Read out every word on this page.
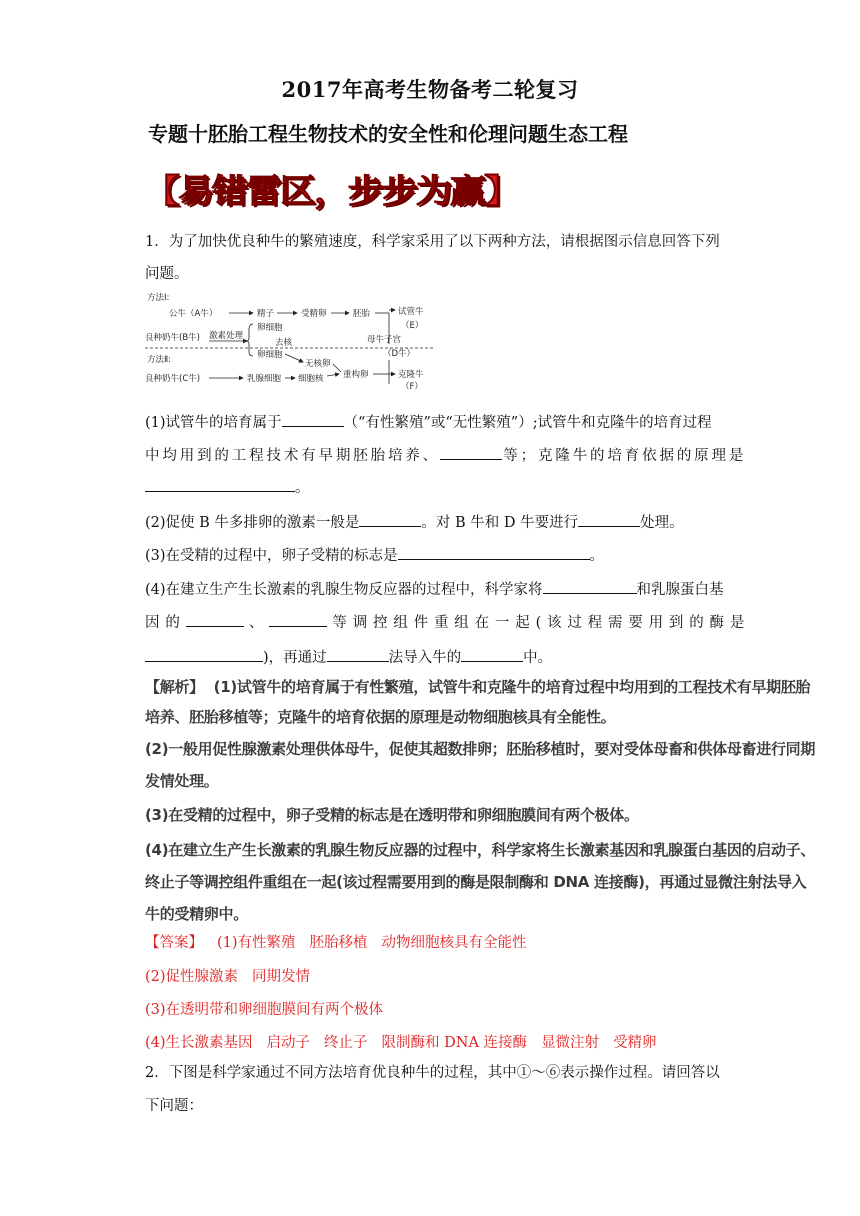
2017年高考生物备考二轮复习
专题十胚胎工程生物技术的安全性和伦理问题生态工程
【易错雷区，步步为赢】
1．为了加快优良种牛的繁殖速度，科学家采用了以下两种方法，请根据图示信息回答下列
问题。
方法Ⅰ:
公牛（A牛）	精子	受精卵	胚胎	试管牛
（E）
卵细胞
良种奶牛(B牛) 激素处理
去核	母牛子宫
（D牛）
卵细胞
方法Ⅱ:	无核卵
良种奶牛(C牛)	乳腺细胞 细胞核 重构卵	克隆牛
（F）
(1)试管牛的培育属于	（“有性繁殖”或“无性繁殖”）;试管牛和克隆牛的培育过程
中均用到的工程技术有早期胚胎培养、	等；克隆牛的培育依据的原理是
。
(2)促使 B 牛多排卵的激素一般是	。对 B 牛和 D 牛要进行	处理。
(3)在受精的过程中，卵子受精的标志是	。
(4)在建立生产生长激素的乳腺生物反应器的过程中，科学家将	和乳腺蛋白基
因 的	、	等 调 控 组 件 重 组 在 一 起 ( 该 过 程 需 要 用 到 的 酶 是
)，再通过	法导入牛的	中。
【解析】 (1)试管牛的培育属于有性繁殖，试管牛和克隆牛的培育过程中均用到的工程技术有早期胚胎
培养、胚胎移植等；克隆牛的培育依据的原理是动物细胞核具有全能性。
(2)一般用促性腺激素处理供体母牛，促使其超数排卵；胚胎移植时，要对受体母畜和供体母畜进行同期
发情处理。
(3)在受精的过程中，卵子受精的标志是在透明带和卵细胞膜间有两个极体。
(4)在建立生产生长激素的乳腺生物反应器的过程中，科学家将生长激素基因和乳腺蛋白基因的启动子、
终止子等调控组件重组在一起(该过程需要用到的酶是限制酶和 DNA 连接酶)，再通过显微注射法导入
牛的受精卵中。
【答案】 (1)有性繁殖 胚胎移植 动物细胞核具有全能性
(2)促性腺激素 同期发情
(3)在透明带和卵细胞膜间有两个极体
(4)生长激素基因 启动子 终止子 限制酶和 DNA 连接酶 显微注射 受精卵
2．下图是科学家通过不同方法培育优良种牛的过程，其中①～⑥表示操作过程。请回答以
下问题：
